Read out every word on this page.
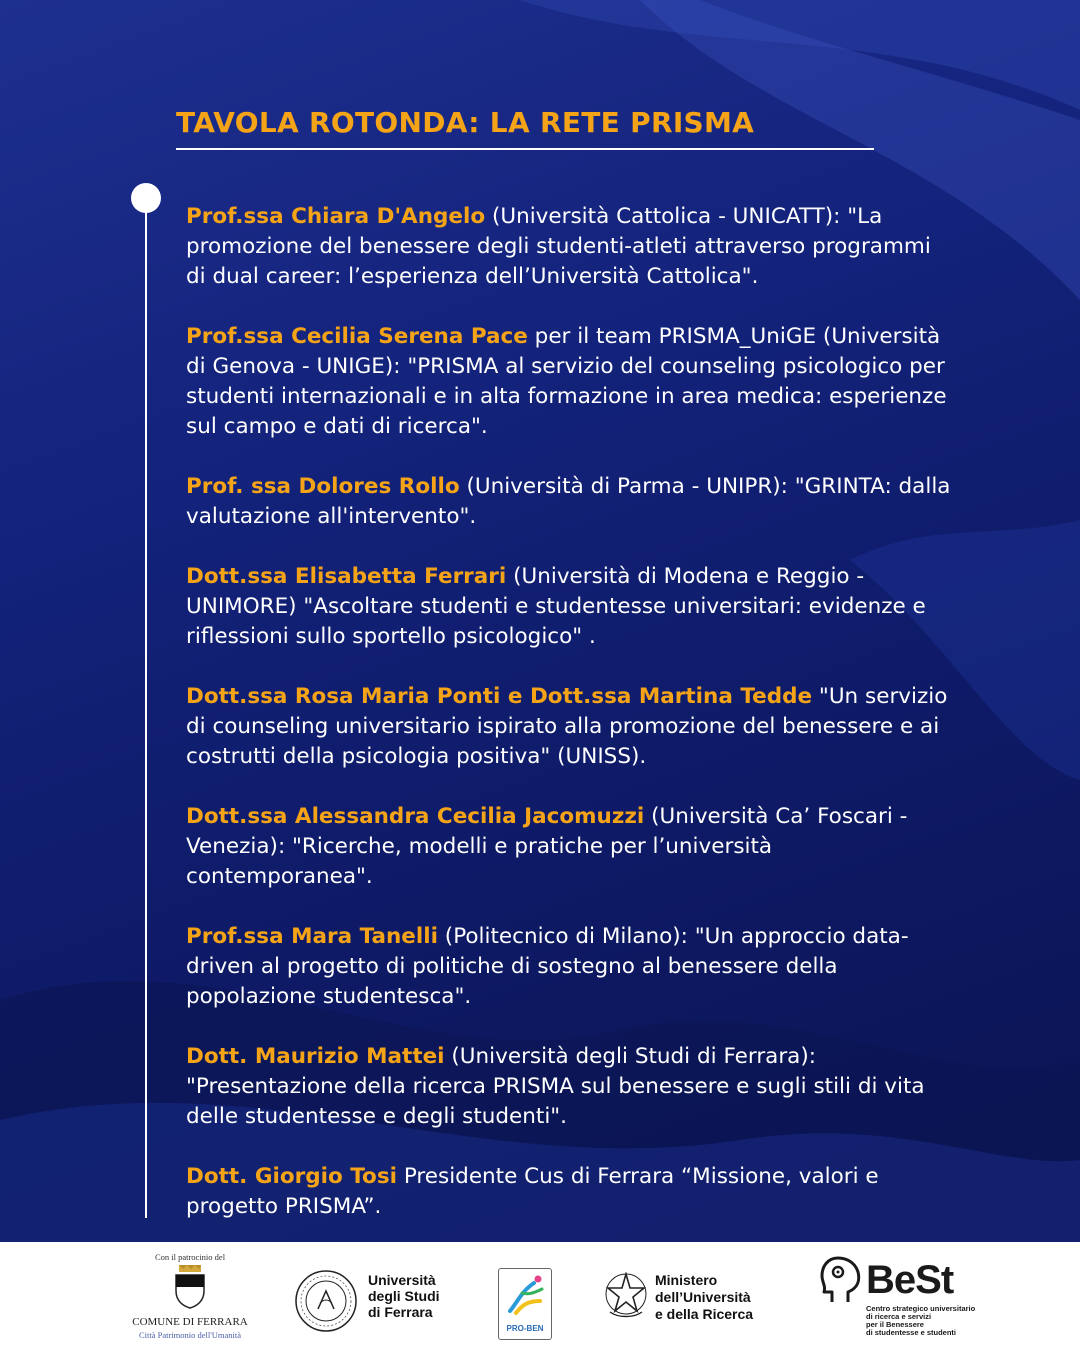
TAVOLA ROTONDA: LA RETE PRISMA

Prof.ssa Chiara D'Angelo (Università Cattolica - UNICATT): "La promozione del benessere degli studenti-atleti attraverso programmi di dual career: l’esperienza dell’Università Cattolica".

Prof.ssa Cecilia Serena Pace per il team PRISMA_UniGE (Università di Genova - UNIGE): "PRISMA al servizio del counseling psicologico per studenti internazionali e in alta formazione in area medica: esperienze sul campo e dati di ricerca".

Prof. ssa Dolores Rollo (Università di Parma - UNIPR): "GRINTA: dalla valutazione all'intervento".

Dott.ssa Elisabetta Ferrari (Università di Modena e Reggio - UNIMORE) "Ascoltare studenti e studentesse universitari: evidenze e riflessioni sullo sportello psicologico" .

Dott.ssa Rosa Maria Ponti e Dott.ssa Martina Tedde "Un servizio di counseling universitario ispirato alla promozione del benessere e ai costrutti della psicologia positiva" (UNISS).

Dott.ssa Alessandra Cecilia Jacomuzzi (Università Ca’ Foscari - Venezia): "Ricerche, modelli e pratiche per l’università contemporanea".

Prof.ssa Mara Tanelli (Politecnico di Milano): "Un approccio data-driven al progetto di politiche di sostegno al benessere della popolazione studentesca".

Dott. Maurizio Mattei (Università degli Studi di Ferrara): "Presentazione della ricerca PRISMA sul benessere e sugli stili di vita delle studentesse e degli studenti".

Dott. Giorgio Tosi Presidente Cus di Ferrara “Missione, valori e progetto PRISMA”.

Con il patrocinio del
COMUNE DI FERRARA
Città Patrimonio dell'Umanità
Università
degli Studi
di Ferrara
PRO-BEN
Ministero
dell’Università
e della Ricerca
BeSt
Centro strategico universitario
di ricerca e servizi
per il Benessere
di studentesse e studenti
